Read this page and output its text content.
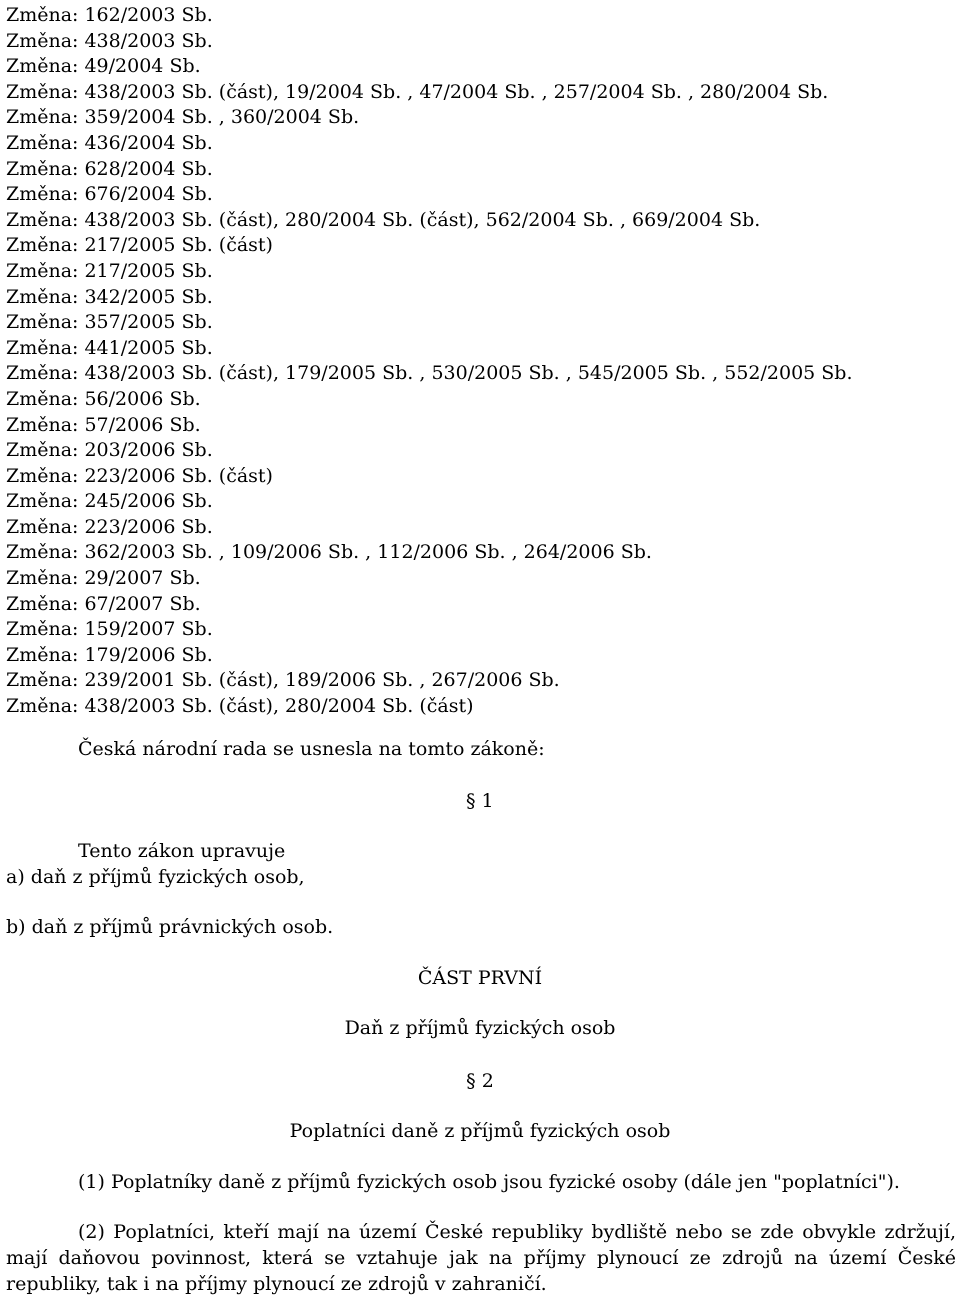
Změna: 162/2003 Sb.
Změna: 438/2003 Sb.
Změna: 49/2004 Sb.
Změna: 438/2003 Sb. (část), 19/2004 Sb. , 47/2004 Sb. , 257/2004 Sb. , 280/2004 Sb.
Změna: 359/2004 Sb. , 360/2004 Sb.
Změna: 436/2004 Sb.
Změna: 628/2004 Sb.
Změna: 676/2004 Sb.
Změna: 438/2003 Sb. (část), 280/2004 Sb. (část), 562/2004 Sb. , 669/2004 Sb.
Změna: 217/2005 Sb. (část)
Změna: 217/2005 Sb.
Změna: 342/2005 Sb.
Změna: 357/2005 Sb.
Změna: 441/2005 Sb.
Změna: 438/2003 Sb. (část), 179/2005 Sb. , 530/2005 Sb. , 545/2005 Sb. , 552/2005 Sb.
Změna: 56/2006 Sb.
Změna: 57/2006 Sb.
Změna: 203/2006 Sb.
Změna: 223/2006 Sb. (část)
Změna: 245/2006 Sb.
Změna: 223/2006 Sb.
Změna: 362/2003 Sb. , 109/2006 Sb. , 112/2006 Sb. , 264/2006 Sb.
Změna: 29/2007 Sb.
Změna: 67/2007 Sb.
Změna: 159/2007 Sb.
Změna: 179/2006 Sb.
Změna: 239/2001 Sb. (část), 189/2006 Sb. , 267/2006 Sb.
Změna: 438/2003 Sb. (část), 280/2004 Sb. (část)
Česká národní rada se usnesla na tomto zákoně:
§ 1
Tento zákon upravuje
a) daň z příjmů fyzických osob,
b) daň z příjmů právnických osob.
ČÁST PRVNÍ
Daň z příjmů fyzických osob
§ 2
Poplatníci daně z příjmů fyzických osob
(1) Poplatníky daně z příjmů fyzických osob jsou fyzické osoby (dále jen "poplatníci").
(2) Poplatníci, kteří mají na území České republiky bydliště nebo se zde obvykle zdržují, mají daňovou povinnost, která se vztahuje jak na příjmy plynoucí ze zdrojů na území České republiky, tak i na příjmy plynoucí ze zdrojů v zahraničí.
